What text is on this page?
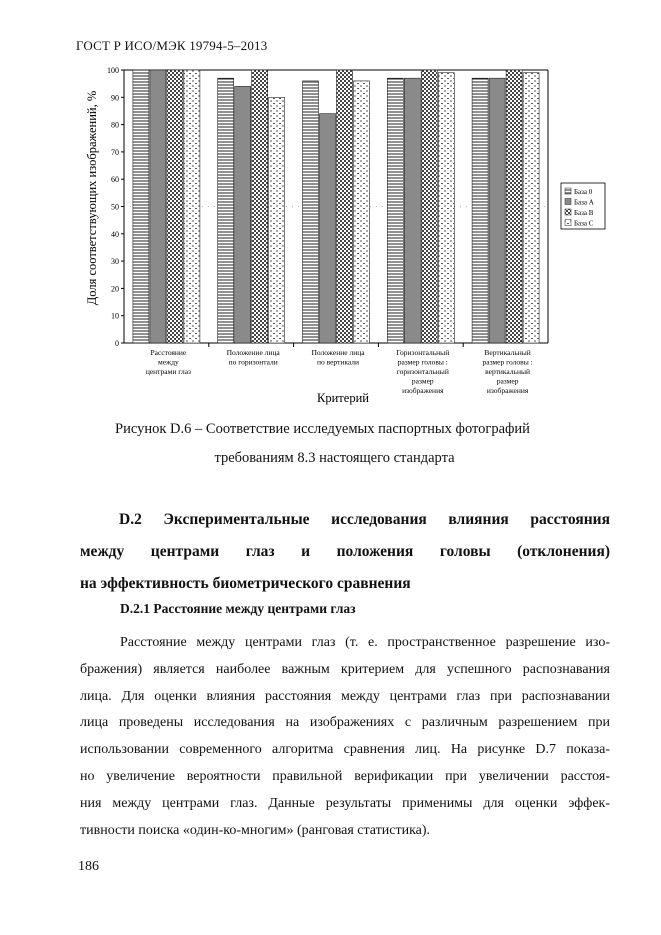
ГОСТ Р ИСО/МЭК 19794-5–2013
0
10
20
30
40
50
60
70
80
90
100
Расстояние между центрами глаз
Положение лица по горизонтали
Положение лица по вертикали
Горизонтальный размер головы : горизонтальный размер изображения
Вертикальный размер головы : вертикальный размер изображения
База 0
База A
База B
База C
Доля соответствующих изображений, %
Критерий
Рисунок D.6 – Соответствие исследуемых паспортных фотографий
требованиям 8.3 настоящего стандарта
D.2 Экспериментальные исследования влияния расстояния
между центрами глаз и положения головы (отклонения)
на эффективность биометрического сравнения
D.2.1 Расстояние между центрами глаз
Расстояние между центрами глаз (т. е. пространственное разрешение изо-
бражения) является наиболее важным критерием для успешного распознавания
лица. Для оценки влияния расстояния между центрами глаз при распознавании
лица проведены исследования на изображениях с различным разрешением при
использовании современного алгоритма сравнения лиц. На рисунке D.7 показа-
но увеличение вероятности правильной верификации при увеличении расстоя-
ния между центрами глаз. Данные результаты применимы для оценки эффек-
тивности поиска «один-ко-многим» (ранговая статистика).
186
